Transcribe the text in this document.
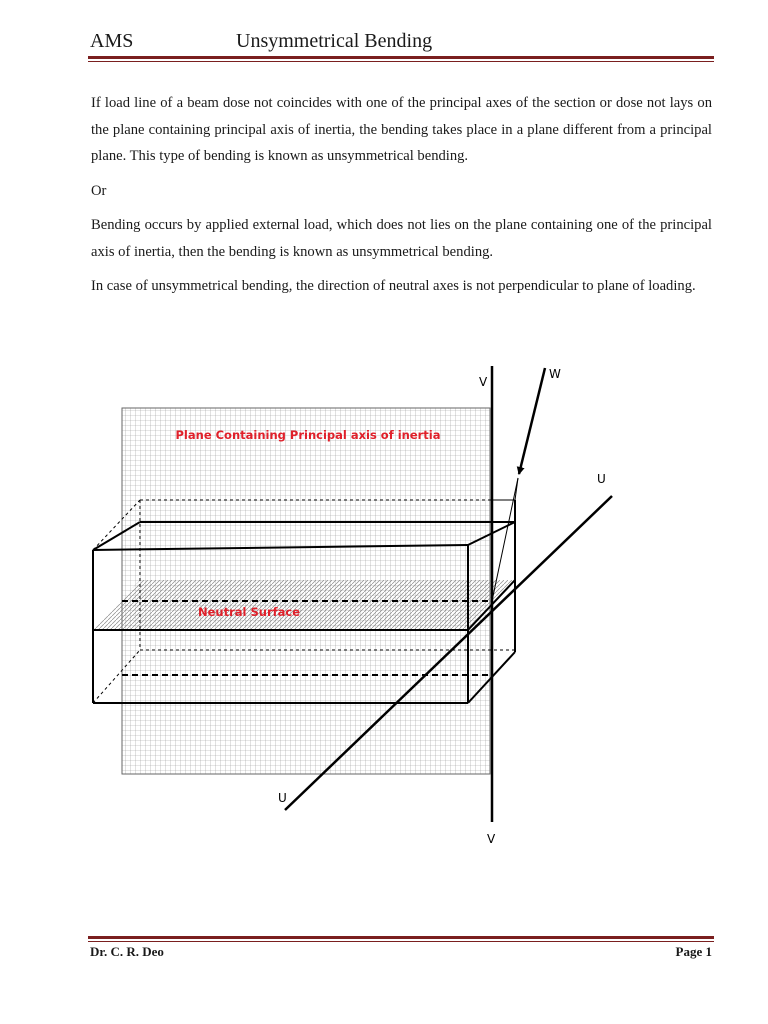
AMS	Unsymmetrical Bending

If load line of a beam dose not coincides with one of the principal axes of the section or dose not lays on the plane containing principal axis of inertia, the bending takes place in a plane different from a principal plane. This type of bending is known as unsymmetrical bending.

Or

Bending occurs by applied external load, which does not lies on the plane containing one of the principal axis of inertia, then the bending is known as unsymmetrical bending.

In case of unsymmetrical bending, the direction of neutral axes is not perpendicular to plane of loading.

Plane Containing Principal axis of inertia
Neutral Surface
V
V
U
U
W
Dr. C. R. Deo	Page 1
